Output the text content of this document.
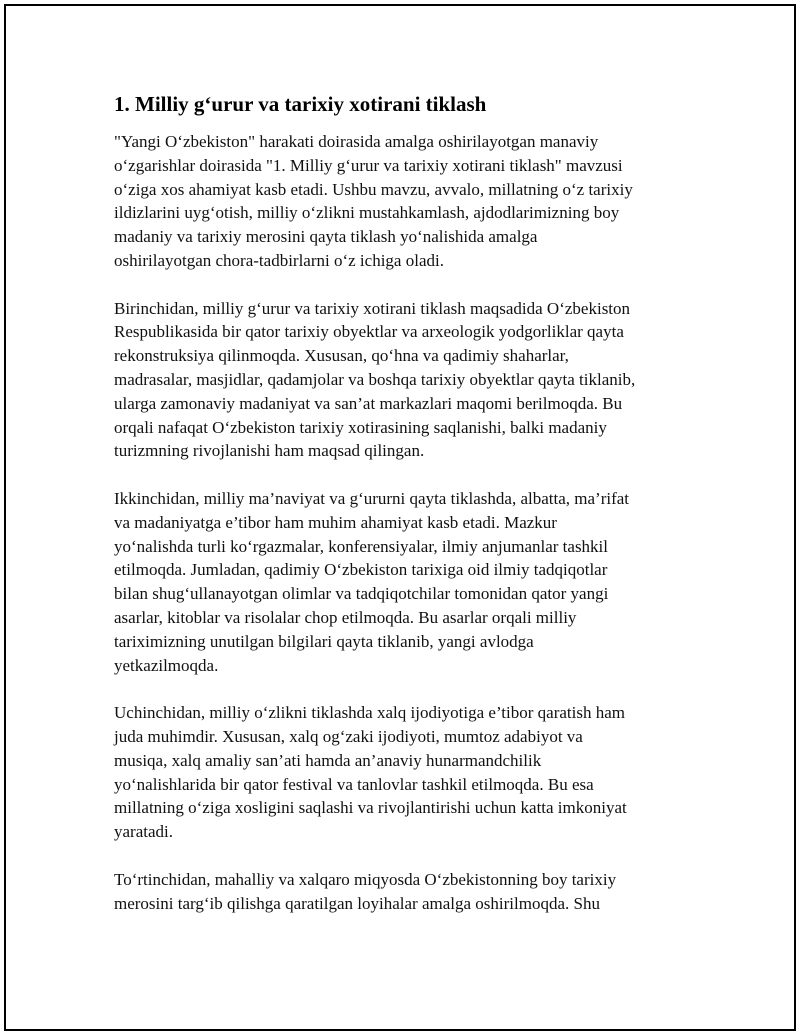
1. Milliy g‘urur va tarixiy xotirani tiklash

"Yangi O‘zbekiston" harakati doirasida amalga oshirilayotgan manaviy
o‘zgarishlar doirasida "1. Milliy g‘urur va tarixiy xotirani tiklash" mavzusi
o‘ziga xos ahamiyat kasb etadi. Ushbu mavzu, avvalo, millatning o‘z tarixiy
ildizlarini uyg‘otish, milliy o‘zlikni mustahkamlash, ajdodlarimizning boy
madaniy va tarixiy merosini qayta tiklash yo‘nalishida amalga
oshirilayotgan chora-tadbirlarni o‘z ichiga oladi.

Birinchidan, milliy g‘urur va tarixiy xotirani tiklash maqsadida O‘zbekiston
Respublikasida bir qator tarixiy obyektlar va arxeologik yodgorliklar qayta
rekonstruksiya qilinmoqda. Xususan, qo‘hna va qadimiy shaharlar,
madrasalar, masjidlar, qadamjolar va boshqa tarixiy obyektlar qayta tiklanib,
ularga zamonaviy madaniyat va san’at markazlari maqomi berilmoqda. Bu
orqali nafaqat O‘zbekiston tarixiy xotirasining saqlanishi, balki madaniy
turizmning rivojlanishi ham maqsad qilingan.

Ikkinchidan, milliy ma’naviyat va g‘ururni qayta tiklashda, albatta, ma’rifat
va madaniyatga e’tibor ham muhim ahamiyat kasb etadi. Mazkur
yo‘nalishda turli ko‘rgazmalar, konferensiyalar, ilmiy anjumanlar tashkil
etilmoqda. Jumladan, qadimiy O‘zbekiston tarixiga oid ilmiy tadqiqotlar
bilan shug‘ullanayotgan olimlar va tadqiqotchilar tomonidan qator yangi
asarlar, kitoblar va risolalar chop etilmoqda. Bu asarlar orqali milliy
tariximizning unutilgan bilgilari qayta tiklanib, yangi avlodga
yetkazilmoqda.

Uchinchidan, milliy o‘zlikni tiklashda xalq ijodiyotiga e’tibor qaratish ham
juda muhimdir. Xususan, xalq og‘zaki ijodiyoti, mumtoz adabiyot va
musiqa, xalq amaliy san’ati hamda an’anaviy hunarmandchilik
yo‘nalishlarida bir qator festival va tanlovlar tashkil etilmoqda. Bu esa
millatning o‘ziga xosligini saqlashi va rivojlantirishi uchun katta imkoniyat
yaratadi.

To‘rtinchidan, mahalliy va xalqaro miqyosda O‘zbekistonning boy tarixiy
merosini targ‘ib qilishga qaratilgan loyihalar amalga oshirilmoqda. Shu
